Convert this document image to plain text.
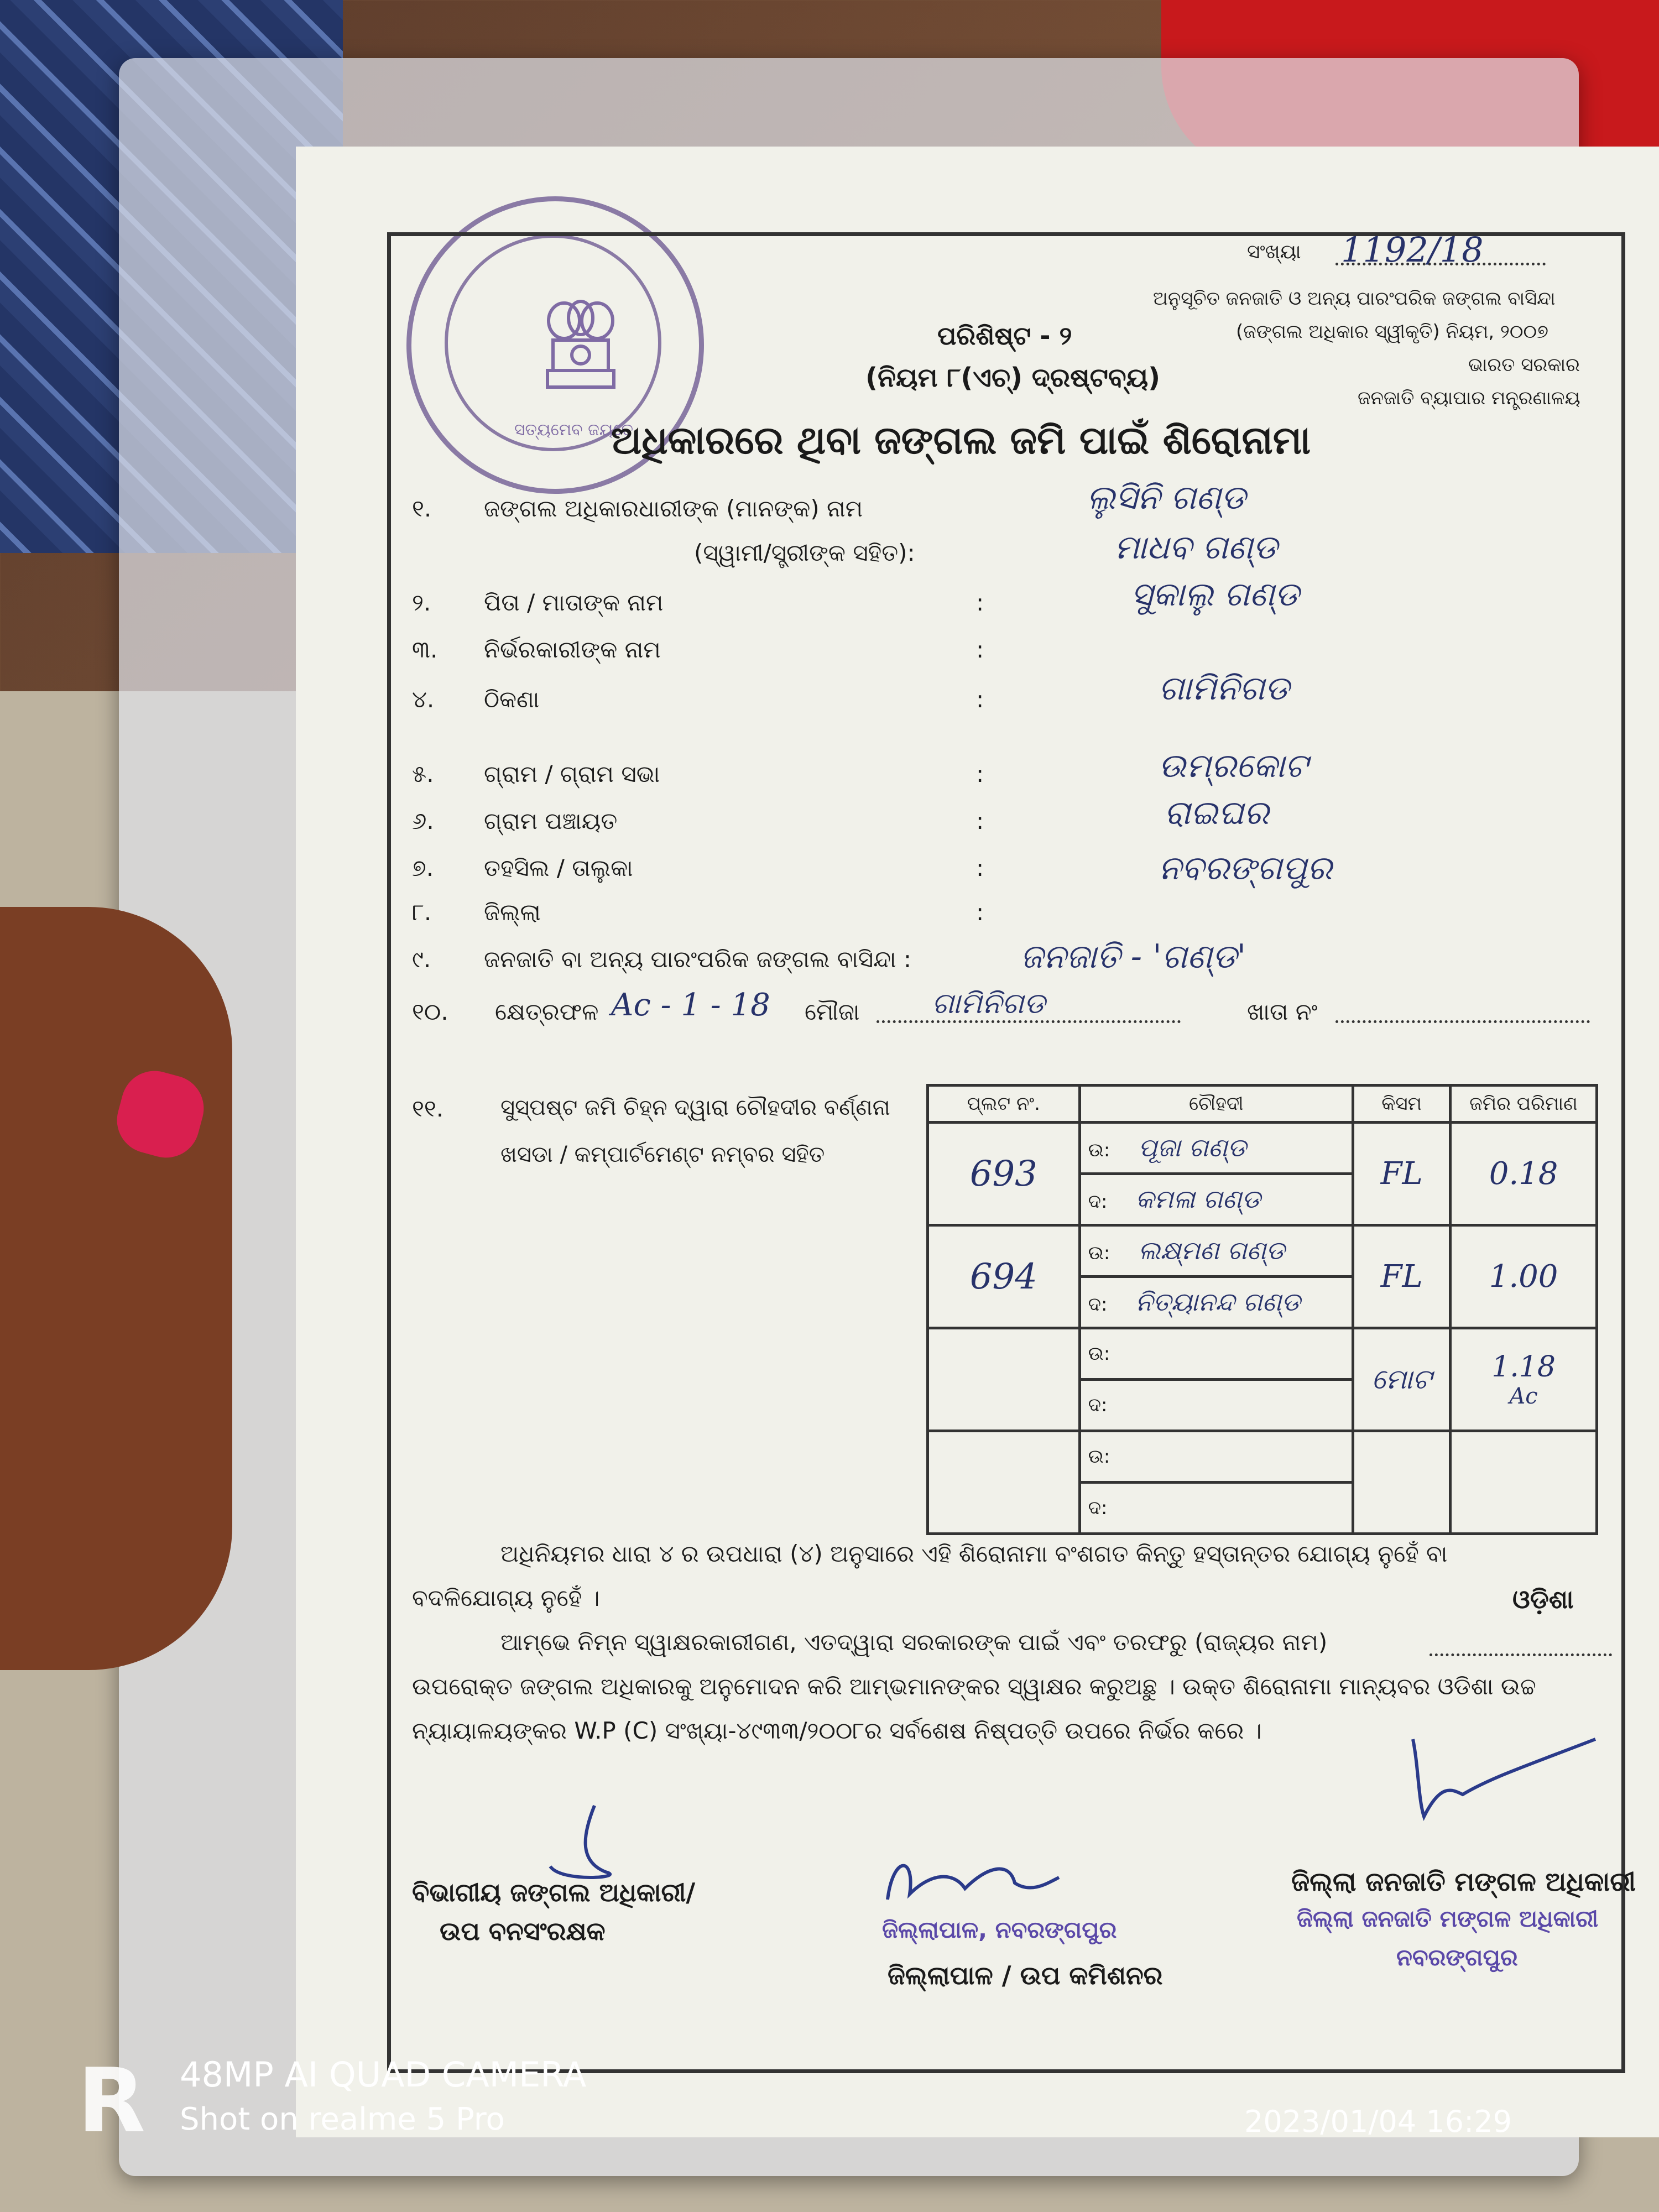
ସତ୍ୟମେବ ଜୟତେ
ସଂଖ୍ୟା 1192/18
ଅନୁସୂଚିତ ଜନଜାତି ଓ ଅନ୍ୟ ପାରଂପରିକ ଜଙ୍ଗଲ ବାସିନ୍ଦା
(ଜଙ୍ଗଲ ଅଧିକାର ସ୍ୱୀକୃତି) ନିୟମ, ୨୦୦୭
ଭାରତ ସରକାର
ଜନଜାତି ବ୍ୟାପାର ମନ୍ତ୍ରଣାଳୟ
ପରିଶିଷ୍ଟ - ୨
(ନିୟମ ୮(ଏଚ୍) ଦ୍ରଷ୍ଟବ୍ୟ)
ଅଧିକାରରେ ଥିବା ଜଙ୍ଗଲ ଜମି ପାଇଁ ଶିରୋନାମା
୧. ଜଙ୍ଗଲ ଅଧିକାରଧାରୀଙ୍କ (ମାନଙ୍କ) ନାମ	ଲୁସିନି ଗଣ୍ଡ
(ସ୍ୱାମୀ/ସ୍ତ୍ରୀଙ୍କ ସହିତ):	ମାଧବ ଗଣ୍ଡ
୨. ପିତା / ମାତାଙ୍କ ନାମ	:	ସୁକାଲୁ ଗଣ୍ଡ
୩. ନିର୍ଭରକାରୀଙ୍କ ନାମ	:
୪. ଠିକଣା	:	ଗାମିନିଗଡ
୫. ଗ୍ରାମ / ଗ୍ରାମ ସଭା	:	ଉମ୍ରକୋଟ
୬. ଗ୍ରାମ ପଞ୍ଚାୟତ	:	ରାଇଘର
୭. ତହସିଲ / ତାଲୁକା	:	ନବରଙ୍ଗପୁର
୮. ଜିଲ୍ଲା	:
୯. ଜନଜାତି ବା ଅନ୍ୟ ପାରଂପରିକ ଜଙ୍ଗଲ ବାସିନ୍ଦା :	ଜନଜାତି - 'ଗଣ୍ଡ'
୧୦. କ୍ଷେତ୍ରଫଳ Ac - 1 - 18 ମୌଜା	ଗାମିନିଗଡ	ଖାତା ନଂ
୧୧.	ସୁସ୍ପଷ୍ଟ ଜମି ଚିହ୍ନ ଦ୍ୱାରା ଚୌହଦୀର ବର୍ଣ୍ଣନା
ଖସଡା / କମ୍ପାର୍ଟମେଣ୍ଟ ନମ୍ବର ସହିତ
ପ୍ଲଟ ନଂ.	ଚୌହଦୀ	କିସମ	ଜମିର ପରିମାଣ
693	ଉ: ପୂଜା ଗଣ୍ଡ	FL	0.18
	ଦ: କମଳା ଗଣ୍ଡ		
694	ଉ: ଲକ୍ଷ୍ମଣ ଗଣ୍ଡ	FL	1.00
	ଦ: ନିତ୍ୟାନନ୍ଦ ଗଣ୍ଡ		
	ଉ:	ମୋଟ	1.18
Ac
	ଦ:		
	ଉ:		
	ଦ:		
ଅଧିନିୟମର ଧାରା ୪ ର ଉପଧାରା (୪) ଅନୁସାରେ ଏହି ଶିରୋନାମା ବଂଶଗତ କିନ୍ତୁ ହସ୍ତାନ୍ତର ଯୋଗ୍ୟ ନୁହେଁ ବା
ବଦଳିଯୋଗ୍ୟ ନୁହେଁ ।	ଓଡ଼ିଶା
ଆମ୍ଭେ ନିମ୍ନ ସ୍ୱାକ୍ଷରକାରୀଗଣ, ଏତଦ୍ୱାରା ସରକାରଙ୍କ ପାଇଁ ଏବଂ ତରଫରୁ (ରାଜ୍ୟର ନାମ)
ଉପରୋକ୍ତ ଜଙ୍ଗଲ ଅଧିକାରକୁ ଅନୁମୋଦନ କରି ଆମ୍ଭମାନଙ୍କର ସ୍ୱାକ୍ଷର କରୁଅଛୁ । ଉକ୍ତ ଶିରୋନାମା ମାନ୍ୟବର ଓଡିଶା ଉଚ୍ଚ
ନ୍ୟାୟାଳୟଙ୍କର W.P (C) ସଂଖ୍ୟା-୪୯୩୩/୨୦୦୮ର ସର୍ବଶେଷ ନିଷ୍ପତ୍ତି ଉପରେ ନିର୍ଭର କରେ ।
ବିଭାଗୀୟ ଜଙ୍ଗଲ ଅଧିକାରୀ/
ଉପ ବନସଂରକ୍ଷକ	ଜିଲ୍ଲାପାଳ, ନବରଙ୍ଗପୁର
ଜିଲ୍ଲାପାଳ / ଉପ କମିଶନର
ଜିଲ୍ଲା ଜନଜାତି ମଙ୍ଗଳ ଅଧିକାରୀ
ଜିଲ୍ଲା ଜନଜାତି ମଙ୍ଗଳ ଅଧିକାରୀ
ନବରଙ୍ଗପୁର
R 48MP AI QUAD CAMERA
Shot on realme 5 Pro	2023/01/04 16:29
